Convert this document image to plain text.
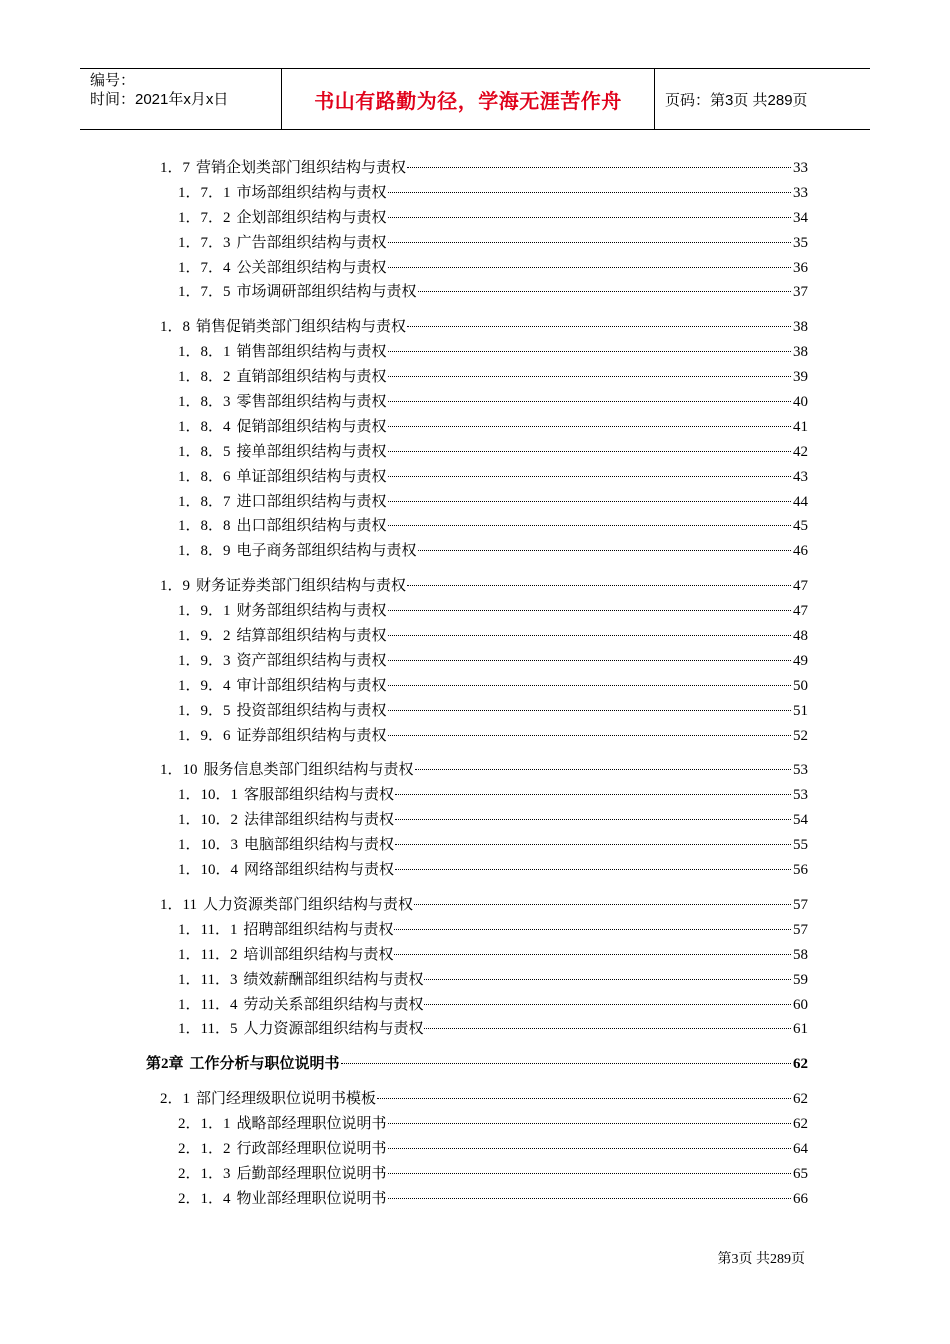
编号：
时间：2021年x月x日	书山有路勤为径，学海无涯苦作舟	页码：第3页 共289页
1．7 营销企划类部门组织结构与责权	33
1．7．1 市场部组织结构与责权	33
1．7．2 企划部组织结构与责权	34
1．7．3 广告部组织结构与责权	35
1．7．4 公关部组织结构与责权	36
1．7．5 市场调研部组织结构与责权	37
1．8 销售促销类部门组织结构与责权	38
1．8．1 销售部组织结构与责权	38
1．8．2 直销部组织结构与责权	39
1．8．3 零售部组织结构与责权	40
1．8．4 促销部组织结构与责权	41
1．8．5 接单部组织结构与责权	42
1．8．6 单证部组织结构与责权	43
1．8．7 进口部组织结构与责权	44
1．8．8 出口部组织结构与责权	45
1．8．9 电子商务部组织结构与责权	46
1．9 财务证券类部门组织结构与责权	47
1．9．1 财务部组织结构与责权	47
1．9．2 结算部组织结构与责权	48
1．9．3 资产部组织结构与责权	49
1．9．4 审计部组织结构与责权	50
1．9．5 投资部组织结构与责权	51
1．9．6 证券部组织结构与责权	52
1．10 服务信息类部门组织结构与责权	53
1．10．1 客服部组织结构与责权	53
1．10．2 法律部组织结构与责权	54
1．10．3 电脑部组织结构与责权	55
1．10．4 网络部组织结构与责权	56
1．11 人力资源类部门组织结构与责权	57
1．11．1 招聘部组织结构与责权	57
1．11．2 培训部组织结构与责权	58
1．11．3 绩效薪酬部组织结构与责权	59
1．11．4 劳动关系部组织结构与责权	60
1．11．5 人力资源部组织结构与责权	61
第2章 工作分析与职位说明书	62
2．1 部门经理级职位说明书模板	62
2．1．1 战略部经理职位说明书	62
2．1．2 行政部经理职位说明书	64
2．1．3 后勤部经理职位说明书	65
2．1．4 物业部经理职位说明书	66
第3页 共289页
